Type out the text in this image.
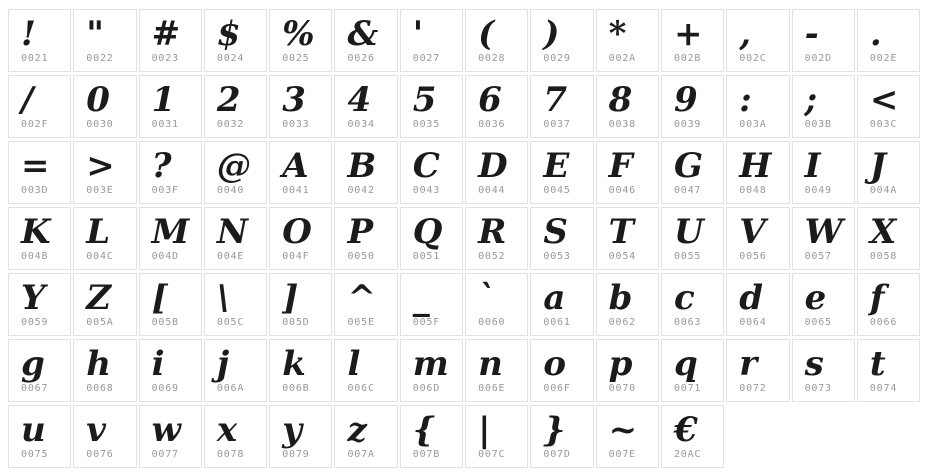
!
0021
"
0022
#
0023
$
0024
%
0025
&
0026
'
0027
(
0028
)
0029
*
002A
+
002B
,
002C
-
002D
.
002E
/
002F
0
0030
1
0031
2
0032
3
0033
4
0034
5
0035
6
0036
7
0037
8
0038
9
0039
:
003A
;
003B
<
003C
=
003D
>
003E
?
003F
@
0040
A
0041
B
0042
C
0043
D
0044
E
0045
F
0046
G
0047
H
0048
I
0049
J
004A
K
004B
L
004C
M
004D
N
004E
O
004F
P
0050
Q
0051
R
0052
S
0053
T
0054
U
0055
V
0056
W
0057
X
0058
Y
0059
Z
005A
[
005B
\
005C
]
005D
^
005E
_
005F
`
0060
a
0061
b
0062
c
0063
d
0064
e
0065
f
0066
g
0067
h
0068
i
0069
j
006A
k
006B
l
006C
m
006D
n
006E
o
006F
p
0070
q
0071
r
0072
s
0073
t
0074
u
0075
v
0076
w
0077
x
0078
y
0079
z
007A
{
007B
|
007C
}
007D
~
007E
€
20AC
